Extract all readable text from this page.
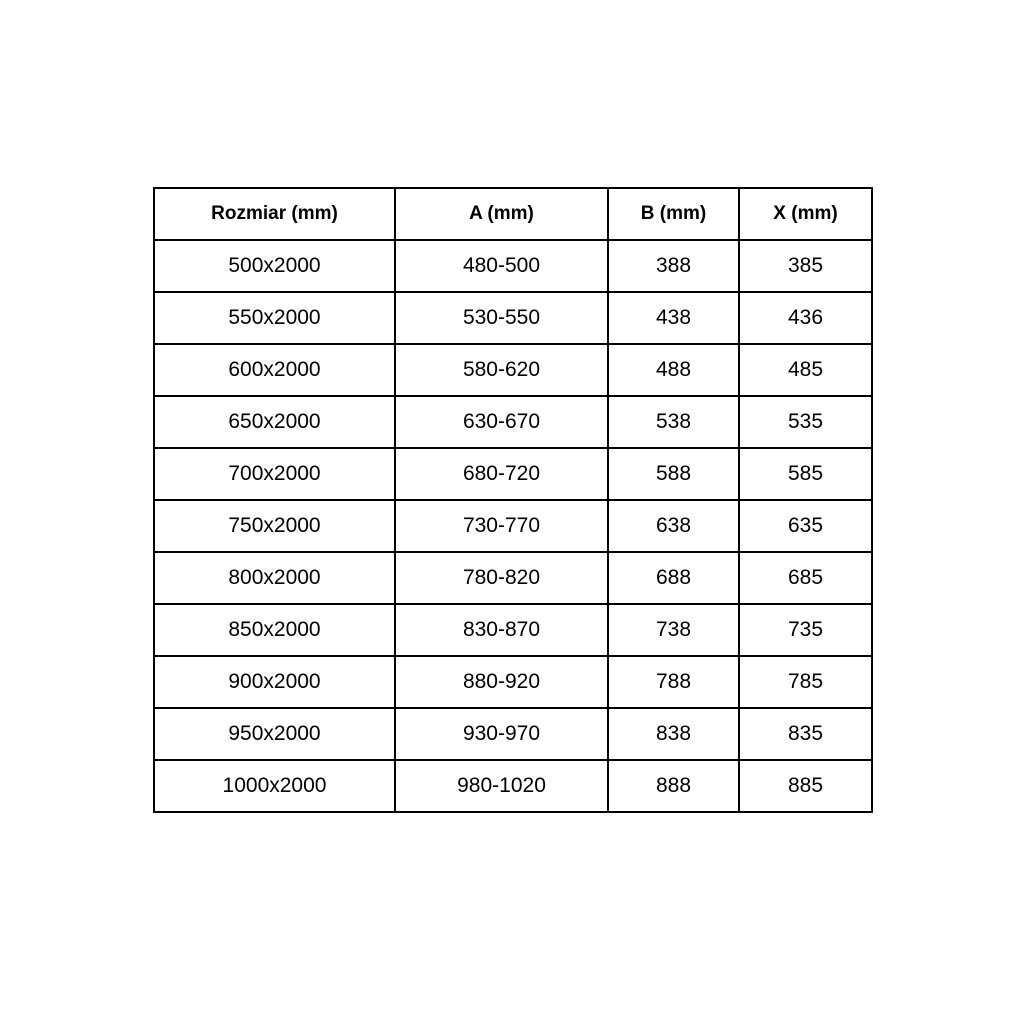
Rozmiar (mm)	A (mm)	B (mm)	X (mm)
500x2000	480-500	388	385
550x2000	530-550	438	436
600x2000	580-620	488	485
650x2000	630-670	538	535
700x2000	680-720	588	585
750x2000	730-770	638	635
800x2000	780-820	688	685
850x2000	830-870	738	735
900x2000	880-920	788	785
950x2000	930-970	838	835
1000x2000	980-1020	888	885
